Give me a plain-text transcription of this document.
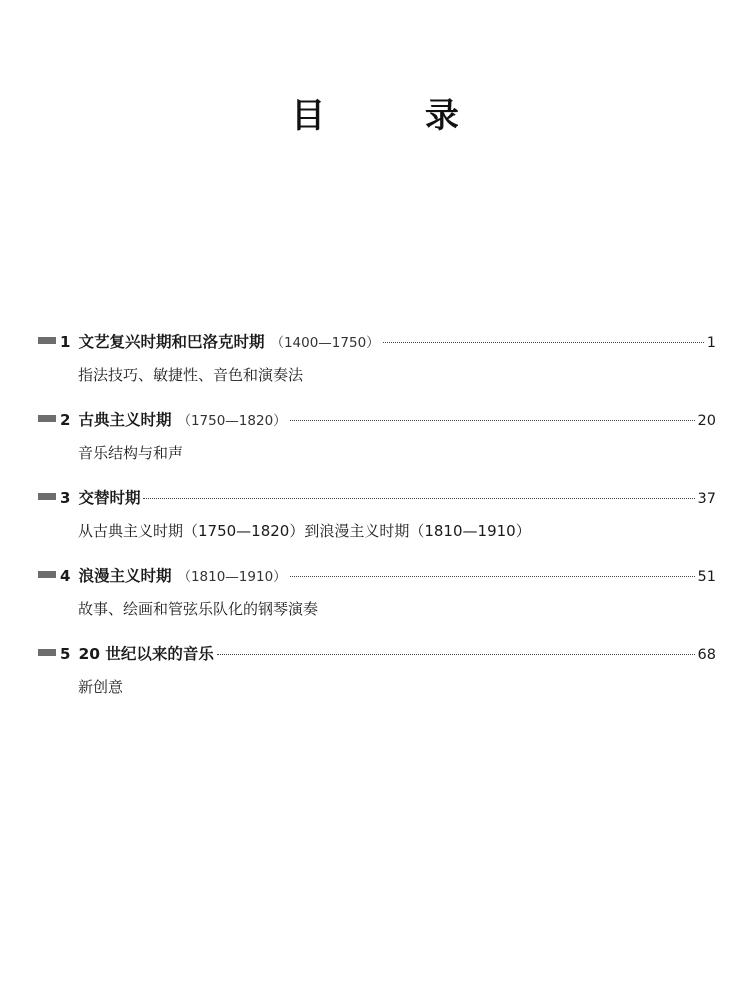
目 录
1 文艺复兴时期和巴洛克时期 （1400—1750）	1
指法技巧、敏捷性、音色和演奏法
2 古典主义时期 （1750—1820）	20
音乐结构与和声
3 交替时期	37
从古典主义时期（1750—1820）到浪漫主义时期（1810—1910）
4 浪漫主义时期 （1810—1910）	51
故事、绘画和管弦乐队化的钢琴演奏
5 20 世纪以来的音乐	68
新创意
